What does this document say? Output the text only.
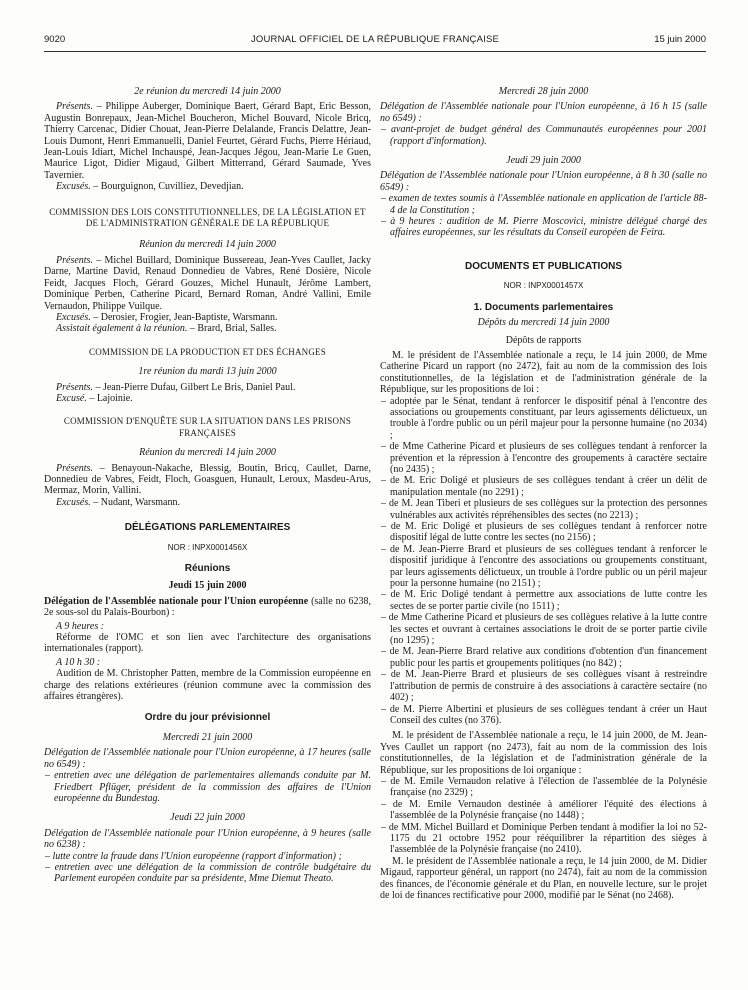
9020	JOURNAL OFFICIEL DE LA RÉPUBLIQUE FRANÇAISE	15 juin 2000

2e réunion du mercredi 14 juin 2000

Présents. – Philippe Auberger, Dominique Baert, Gérard Bapt, Eric Besson, Augustin Bonrepaux, Jean-Michel Boucheron, Michel Bouvard, Nicole Bricq, Thierry Carcenac, Didier Chouat, Jean-Pierre Delalande, Francis Delattre, Jean-Louis Dumont, Henri Emmanuelli, Daniel Feurtet, Gérard Fuchs, Pierre Hériaud, Jean-Louis Idiart, Michel Inchauspé, Jean-Jacques Jégou, Jean-Marie Le Guen, Maurice Ligot, Didier Migaud, Gilbert Mitterrand, Gérard Saumade, Yves Tavernier.

Excusés. – Bourguignon, Cuvilliez, Devedjian.

COMMISSION DES LOIS CONSTITUTIONNELLES, DE LA LÉGISLATION ET DE L'ADMINISTRATION GÉNÉRALE DE LA RÉPUBLIQUE

Réunion du mercredi 14 juin 2000

Présents. – Michel Buillard, Dominique Bussereau, Jean-Yves Caullet, Jacky Darne, Martine David, Renaud Donnedieu de Vabres, René Dosière, Nicole Feidt, Jacques Floch, Gérard Gouzes, Michel Hunault, Jérôme Lambert, Dominique Perben, Catherine Picard, Bernard Roman, André Vallini, Emile Vernaudon, Philippe Vuilque.

Excusés. – Derosier, Frogier, Jean-Baptiste, Warsmann.

Assistait également à la réunion. – Brard, Brial, Salles.

COMMISSION DE LA PRODUCTION ET DES ÉCHANGES

1re réunion du mardi 13 juin 2000

Présents. – Jean-Pierre Dufau, Gilbert Le Bris, Daniel Paul.

Excusé. – Lajoinie.

COMMISSION D'ENQUÊTE SUR LA SITUATION DANS LES PRISONS FRANÇAISES

Réunion du mercredi 14 juin 2000

Présents. – Benayoun-Nakache, Blessig, Boutin, Bricq, Caullet, Darne, Donnedieu de Vabres, Feidt, Floch, Goasguen, Hunault, Leroux, Masdeu-Arus, Mermaz, Morin, Vallini.

Excusés. – Nudant, Warsmann.

DÉLÉGATIONS PARLEMENTAIRES

NOR : INPX0001456X

Réunions

Jeudi 15 juin 2000

Délégation de l'Assemblée nationale pour l'Union européenne (salle no 6238, 2e sous-sol du Palais-Bourbon) :

A 9 heures :

Réforme de l'OMC et son lien avec l'architecture des organisations internationales (rapport).

A 10 h 30 :

Audition de M. Christopher Patten, membre de la Commission européenne en charge des relations extérieures (réunion commune avec la commission des affaires étrangères).

Ordre du jour prévisionnel

Mercredi 21 juin 2000

Délégation de l'Assemblée nationale pour l'Union européenne, à 17 heures (salle no 6549) :

– entretien avec une délégation de parlementaires allemands conduite par M. Friedbert Pflüger, président de la commission des affaires de l'Union européenne du Bundestag.

Jeudi 22 juin 2000

Délégation de l'Assemblée nationale pour l'Union européenne, à 9 heures (salle no 6238) :

– lutte contre la fraude dans l'Union européenne (rapport d'information) ;
– entretien avec une délégation de la commission de contrôle budgétaire du Parlement européen conduite par sa présidente, Mme Diemut Theato.

Mercredi 28 juin 2000

Délégation de l'Assemblée nationale pour l'Union européenne, à 16 h 15 (salle no 6549) :

– avant-projet de budget général des Communautés européennes pour 2001 (rapport d'information).

Jeudi 29 juin 2000

Délégation de l'Assemblée nationale pour l'Union européenne, à 8 h 30 (salle no 6549) :

– examen de textes soumis à l'Assemblée nationale en application de l'article 88-4 de la Constitution ;
– à 9 heures : audition de M. Pierre Moscovici, ministre délégué chargé des affaires européennes, sur les résultats du Conseil européen de Feira.

DOCUMENTS ET PUBLICATIONS

NOR : INPX0001457X

1. Documents parlementaires

Dépôts du mercredi 14 juin 2000

Dépôts de rapports

M. le président de l'Assemblée nationale a reçu, le 14 juin 2000, de Mme Catherine Picard un rapport (no 2472), fait au nom de la commission des lois constitutionnelles, de la législation et de l'administration générale de la République, sur les propositions de loi :

– adoptée par le Sénat, tendant à renforcer le dispositif pénal à l'encontre des associations ou groupements constituant, par leurs agissements délictueux, un trouble à l'ordre public ou un péril majeur pour la personne humaine (no 2034) ;
– de Mme Catherine Picard et plusieurs de ses collègues tendant à renforcer la prévention et la répression à l'encontre des groupements à caractère sectaire (no 2435) ;
– de M. Eric Doligé et plusieurs de ses collègues tendant à créer un délit de manipulation mentale (no 2291) ;
– de M. Jean Tiberi et plusieurs de ses collègues sur la protection des personnes vulnérables aux activités répréhensibles des sectes (no 2213) ;
– de M. Eric Doligé et plusieurs de ses collègues tendant à renforcer notre dispositif légal de lutte contre les sectes (no 2156) ;
– de M. Jean-Pierre Brard et plusieurs de ses collègues tendant à renforcer le dispositif juridique à l'encontre des associations ou groupements constituant, par leurs agissements délictueux, un trouble à l'ordre public ou un péril majeur pour la personne humaine (no 2151) ;
– de M. Eric Doligé tendant à permettre aux associations de lutte contre les sectes de se porter partie civile (no 1511) ;
– de Mme Catherine Picard et plusieurs de ses collègues relative à la lutte contre les sectes et ouvrant à certaines associations le droit de se porter partie civile (no 1295) ;
– de M. Jean-Pierre Brard relative aux conditions d'obtention d'un financement public pour les partis et groupements politiques (no 842) ;
– de M. Jean-Pierre Brard et plusieurs de ses collègues visant à restreindre l'attribution de permis de construire à des associations à caractère sectaire (no 402) ;
– de M. Pierre Albertini et plusieurs de ses collègues tendant à créer un Haut Conseil des cultes (no 376).

M. le président de l'Assemblée nationale a reçu, le 14 juin 2000, de M. Jean-Yves Caullet un rapport (no 2473), fait au nom de la commission des lois constitutionnelles, de la législation et de l'administration générale de la République, sur les propositions de loi organique :

– de M. Emile Vernaudon relative à l'élection de l'assemblée de la Polynésie française (no 2329) ;
– de M. Emile Vernaudon destinée à améliorer l'équité des élections à l'assemblée de la Polynésie française (no 1448) ;
– de MM. Michel Buillard et Dominique Perben tendant à modifier la loi no 52-1175 du 21 octobre 1952 pour rééquilibrer la répartition des sièges à l'assemblée de la Polynésie française (no 2410).

M. le président de l'Assemblée nationale a reçu, le 14 juin 2000, de M. Didier Migaud, rapporteur général, un rapport (no 2474), fait au nom de la commission des finances, de l'économie générale et du Plan, en nouvelle lecture, sur le projet de loi de finances rectificative pour 2000, modifié par le Sénat (no 2468).
